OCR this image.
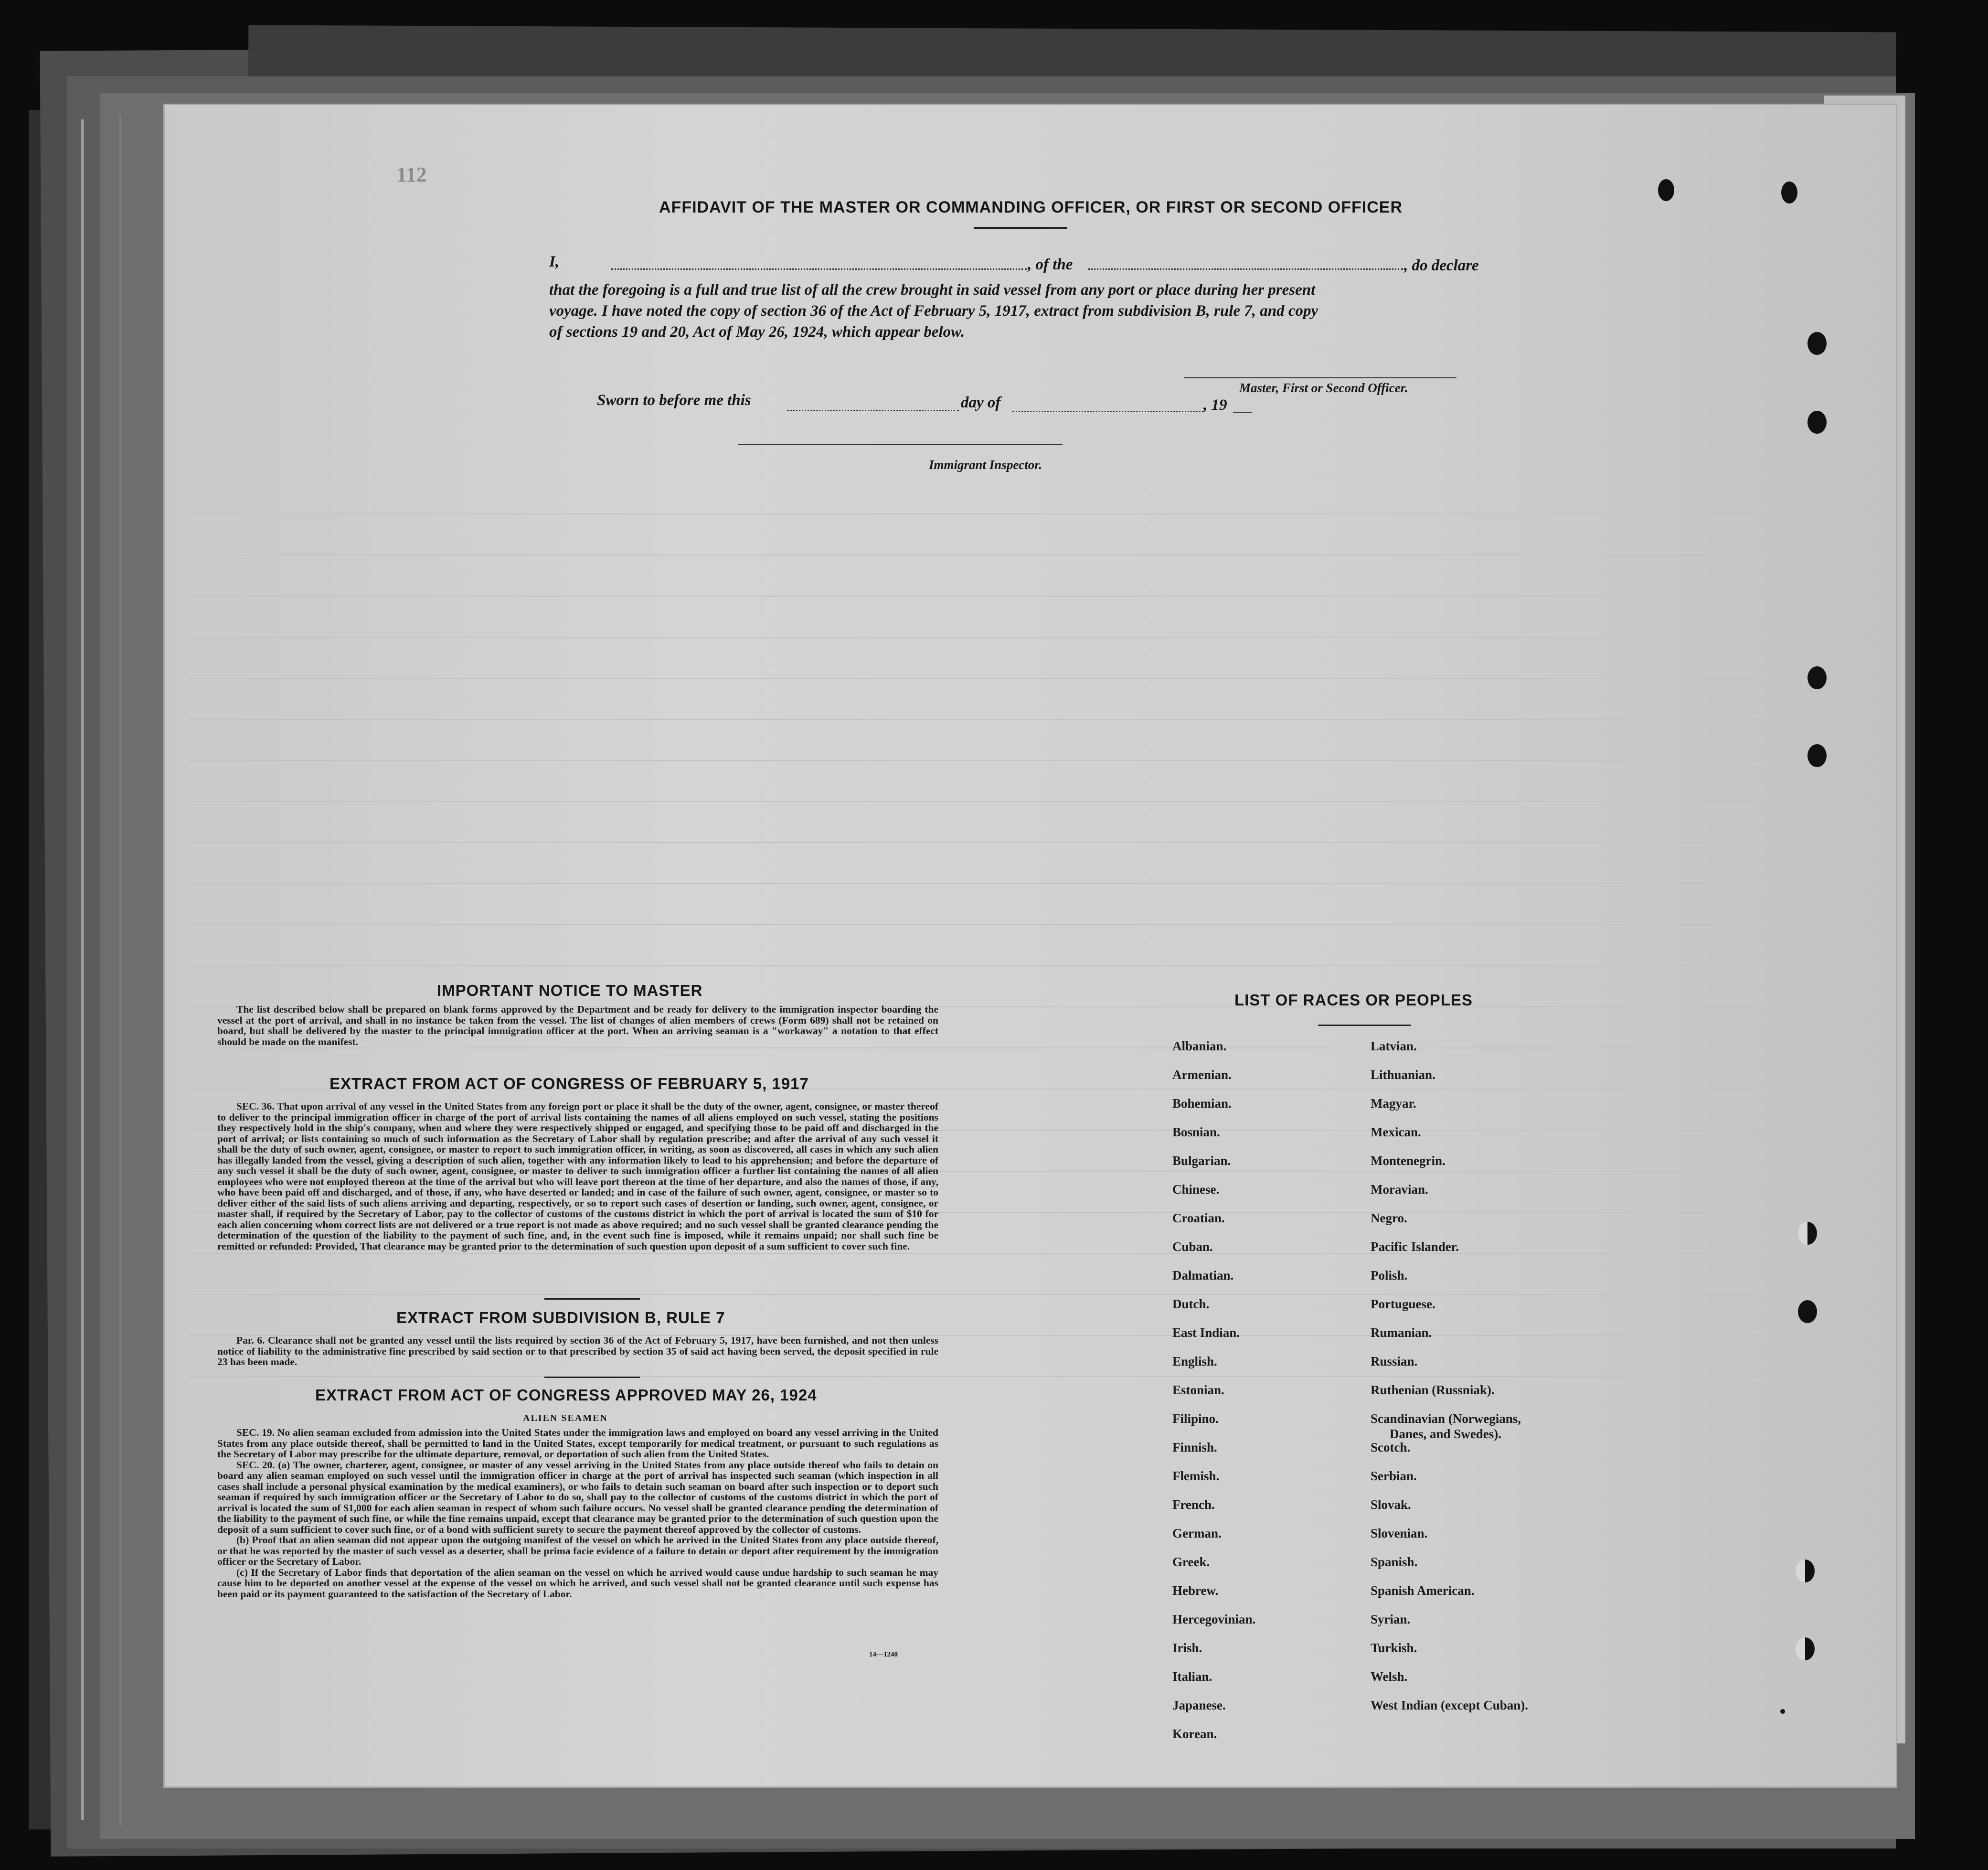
112
AFFIDAVIT OF THE MASTER OR COMMANDING OFFICER, OR FIRST OR SECOND OFFICER
I,	, of the	, do declare
that the foregoing is a full and true list of all the crew brought in said vessel from any port or place during her present
voyage. I have noted the copy of section 36 of the Act of February 5, 1917, extract from subdivision B, rule 7, and copy
of sections 19 and 20, Act of May 26, 1924, which appear below.
Master, First or Second Officer.
Sworn to before me this	day of	, 19
Immigrant Inspector.
IMPORTANT NOTICE TO MASTER
The list described below shall be prepared on blank forms approved by the Department and be ready for delivery to the immigration inspector boarding the vessel at the port of arrival, and shall in no instance be taken from the vessel. The list of changes of alien members of crews (Form 689) shall not be retained on board, but shall be delivered by the master to the principal immigration officer at the port. When an arriving seaman is a "workaway" a notation to that effect should be made on the manifest.
EXTRACT FROM ACT OF CONGRESS OF FEBRUARY 5, 1917
SEC. 36. That upon arrival of any vessel in the United States from any foreign port or place it shall be the duty of the owner, agent, consignee, or master thereof to deliver to the principal immigration officer in charge of the port of arrival lists containing the names of all aliens employed on such vessel, stating the positions they respectively hold in the ship's company, when and where they were respectively shipped or engaged, and specifying those to be paid off and discharged in the port of arrival; or lists containing so much of such information as the Secretary of Labor shall by regulation prescribe; and after the arrival of any such vessel it shall be the duty of such owner, agent, consignee, or master to report to such immigration officer, in writing, as soon as discovered, all cases in which any such alien has illegally landed from the vessel, giving a description of such alien, together with any information likely to lead to his apprehension; and before the departure of any such vessel it shall be the duty of such owner, agent, consignee, or master to deliver to such immigration officer a further list containing the names of all alien employees who were not employed thereon at the time of the arrival but who will leave port thereon at the time of her departure, and also the names of those, if any, who have been paid off and discharged, and of those, if any, who have deserted or landed; and in case of the failure of such owner, agent, consignee, or master so to deliver either of the said lists of such aliens arriving and departing, respectively, or so to report such cases of desertion or landing, such owner, agent, consignee, or master shall, if required by the Secretary of Labor, pay to the collector of customs of the customs district in which the port of arrival is located the sum of $10 for each alien concerning whom correct lists are not delivered or a true report is not made as above required; and no such vessel shall be granted clearance pending the determination of the question of the liability to the payment of such fine, and, in the event such fine is imposed, while it remains unpaid; nor shall such fine be remitted or refunded: Provided, That clearance may be granted prior to the determination of such question upon deposit of a sum sufficient to cover such fine.
EXTRACT FROM SUBDIVISION B, RULE 7
Par. 6. Clearance shall not be granted any vessel until the lists required by section 36 of the Act of February 5, 1917, have been furnished, and not then unless notice of liability to the administrative fine prescribed by said section or to that prescribed by section 35 of said act having been served, the deposit specified in rule 23 has been made.
EXTRACT FROM ACT OF CONGRESS APPROVED MAY 26, 1924
ALIEN SEAMEN
SEC. 19. No alien seaman excluded from admission into the United States under the immigration laws and employed on board any vessel arriving in the United States from any place outside thereof, shall be permitted to land in the United States, except temporarily for medical treatment, or pursuant to such regulations as the Secretary of Labor may prescribe for the ultimate departure, removal, or deportation of such alien from the United States.
SEC. 20. (a) The owner, charterer, agent, consignee, or master of any vessel arriving in the United States from any place outside thereof who fails to detain on board any alien seaman employed on such vessel until the immigration officer in charge at the port of arrival has inspected such seaman (which inspection in all cases shall include a personal physical examination by the medical examiners), or who fails to detain such seaman on board after such inspection or to deport such seaman if required by such immigration officer or the Secretary of Labor to do so, shall pay to the collector of customs of the customs district in which the port of arrival is located the sum of $1,000 for each alien seaman in respect of whom such failure occurs. No vessel shall be granted clearance pending the determination of the liability to the payment of such fine, or while the fine remains unpaid, except that clearance may be granted prior to the determination of such question upon the deposit of a sum sufficient to cover such fine, or of a bond with sufficient surety to secure the payment thereof approved by the collector of customs.
(b) Proof that an alien seaman did not appear upon the outgoing manifest of the vessel on which he arrived in the United States from any place outside thereof, or that he was reported by the master of such vessel as a deserter, shall be prima facie evidence of a failure to detain or deport after requirement by the immigration officer or the Secretary of Labor.
(c) If the Secretary of Labor finds that deportation of the alien seaman on the vessel on which he arrived would cause undue hardship to such seaman he may cause him to be deported on another vessel at the expense of the vessel on which he arrived, and such vessel shall not be granted clearance until such expense has been paid or its payment guaranteed to the satisfaction of the Secretary of Labor.
14—1240
LIST OF RACES OR PEOPLES
Albanian.
Armenian.
Bohemian.
Bosnian.
Bulgarian.
Chinese.
Croatian.
Cuban.
Dalmatian.
Dutch.
East Indian.
English.
Estonian.
Filipino.
Finnish.
Flemish.
French.
German.
Greek.
Hebrew.
Hercegovinian.
Irish.
Italian.
Japanese.
Korean.
Latvian.
Lithuanian.
Magyar.
Mexican.
Montenegrin.
Moravian.
Negro.
Pacific Islander.
Polish.
Portuguese.
Rumanian.
Russian.
Ruthenian (Russniak).
Scandinavian (Norwegians,
Danes, and Swedes).
Scotch.
Serbian.
Slovak.
Slovenian.
Spanish.
Spanish American.
Syrian.
Turkish.
Welsh.
West Indian (except Cuban).
